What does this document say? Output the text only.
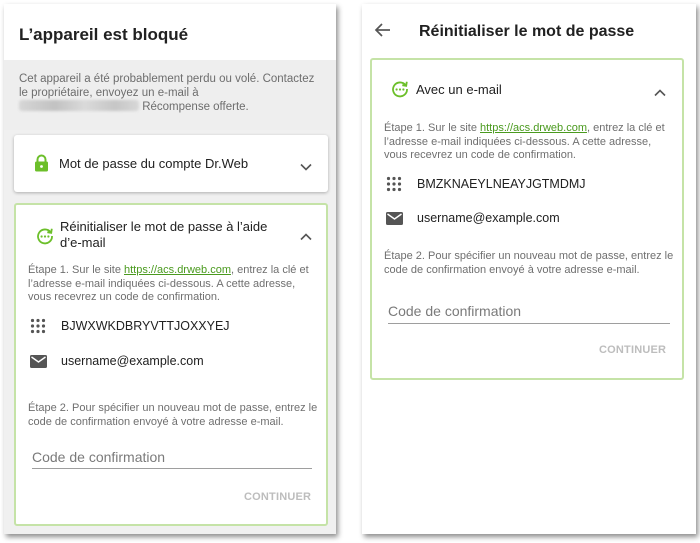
L’appareil est bloqué
Cet appareil a été probablement perdu ou volé. Contactez le propriétaire, envoyez un e-mail à  Récompense offerte.
Mot de passe du compte Dr.Web
Réinitialiser le mot de passe à l’aide d’e-mail
Étape 1. Sur le site https://acs.drweb.com, entrez la clé et l’adresse e-mail indiquées ci-dessous. A cette adresse, vous recevrez un code de confirmation.
BJWXWKDBRYVTTJOXXYEJ
username@example.com
Étape 2. Pour spécifier un nouveau mot de passe, entrez le code de confirmation envoyé à votre adresse e-mail.
Code de confirmation
CONTINUER
Réinitialiser le mot de passe
Avec un e-mail
Étape 1. Sur le site https://acs.drweb.com, entrez la clé et l’adresse e-mail indiquées ci-dessous. A cette adresse, vous recevrez un code de confirmation.
BMZKNAEYLNEAYJGTMDMJ
username@example.com
Étape 2. Pour spécifier un nouveau mot de passe, entrez le code de confirmation envoyé à votre adresse e-mail.
Code de confirmation
CONTINUER
